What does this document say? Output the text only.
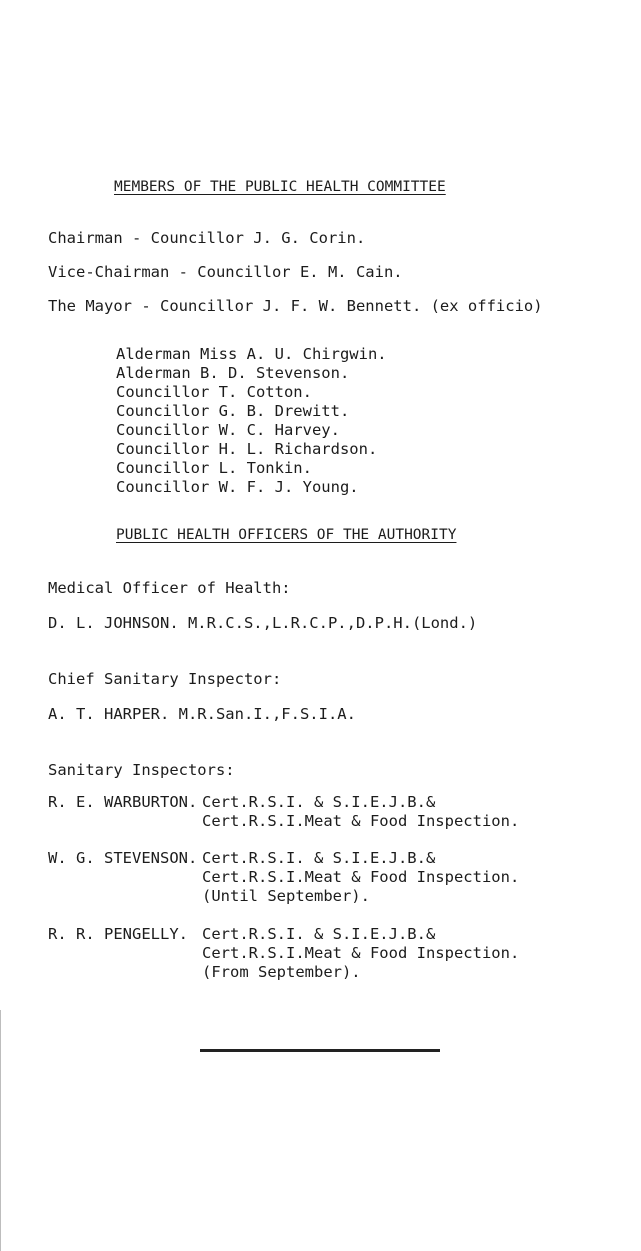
MEMBERS OF THE PUBLIC HEALTH COMMITTEE
Chairman - Councillor J. G. Corin.
Vice-Chairman - Councillor E. M. Cain.
The Mayor - Councillor J. F. W. Bennett. (ex officio)
Alderman Miss A. U. Chirgwin.
Alderman B. D. Stevenson.
Councillor T. Cotton.
Councillor G. B. Drewitt.
Councillor W. C. Harvey.
Councillor H. L. Richardson.
Councillor L. Tonkin.
Councillor W. F. J. Young.
PUBLIC HEALTH OFFICERS OF THE AUTHORITY
Medical Officer of Health:
D. L. JOHNSON. M.R.C.S.,L.R.C.P.,D.P.H.(Lond.)
Chief Sanitary Inspector:
A. T. HARPER. M.R.San.I.,F.S.I.A.
Sanitary Inspectors:
R. E. WARBURTON. Cert.R.S.I. & S.I.E.J.B.&
Cert.R.S.I.Meat & Food Inspection.
W. G. STEVENSON. Cert.R.S.I. & S.I.E.J.B.&
Cert.R.S.I.Meat & Food Inspection.
(Until September).
R. R. PENGELLY. Cert.R.S.I. & S.I.E.J.B.&
Cert.R.S.I.Meat & Food Inspection.
(From September).
